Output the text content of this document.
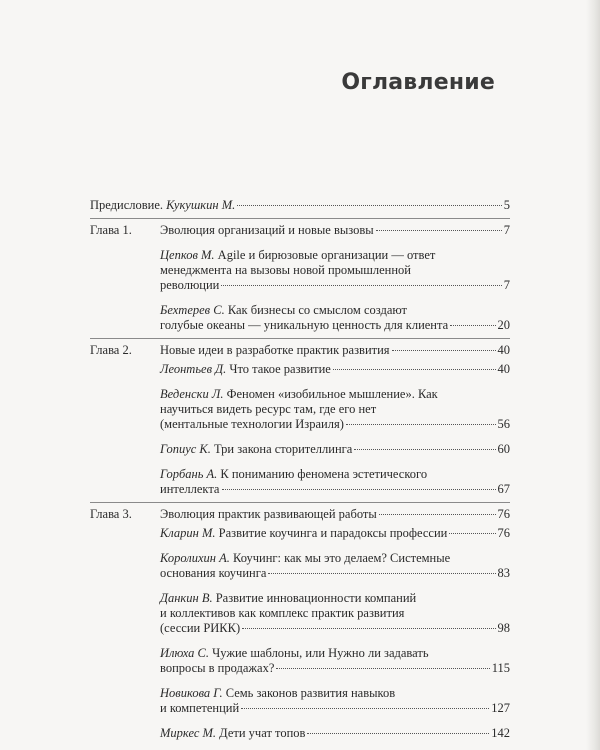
Оглавление
Предисловие. Кукушкин М.	5
Глава 1.	Эволюция организаций и новые вызовы	7
Цепков М. Agile и бирюзовые организации — ответ
менеджмента на вызовы новой промышленной
революции	7
Бехтерев С. Как бизнесы со смыслом создают
голубые океаны — уникальную ценность для клиента	20
Глава 2.	Новые идеи в разработке практик развития	40
Леонтьев Д. Что такое развитие	40
Веденски Л. Феномен «изобильное мышление». Как
научиться видеть ресурс там, где его нет
(ментальные технологии Израиля)	56
Гопиус К. Три закона сторителлинга	60
Горбань А. К пониманию феномена эстетического
интеллекта	67
Глава 3.	Эволюция практик развивающей работы	76
Кларин М. Развитие коучинга и парадоксы профессии	76
Королихин А. Коучинг: как мы это делаем? Системные
основания коучинга	83
Данкин В. Развитие инновационности компаний
и коллективов как комплекс практик развития
(сессии РИКК)	98
Илюха С. Чужие шаблоны, или Нужно ли задавать
вопросы в продажах?	115
Новикова Г. Семь законов развития навыков
и компетенций	127
Миркес М. Дети учат топов	142
